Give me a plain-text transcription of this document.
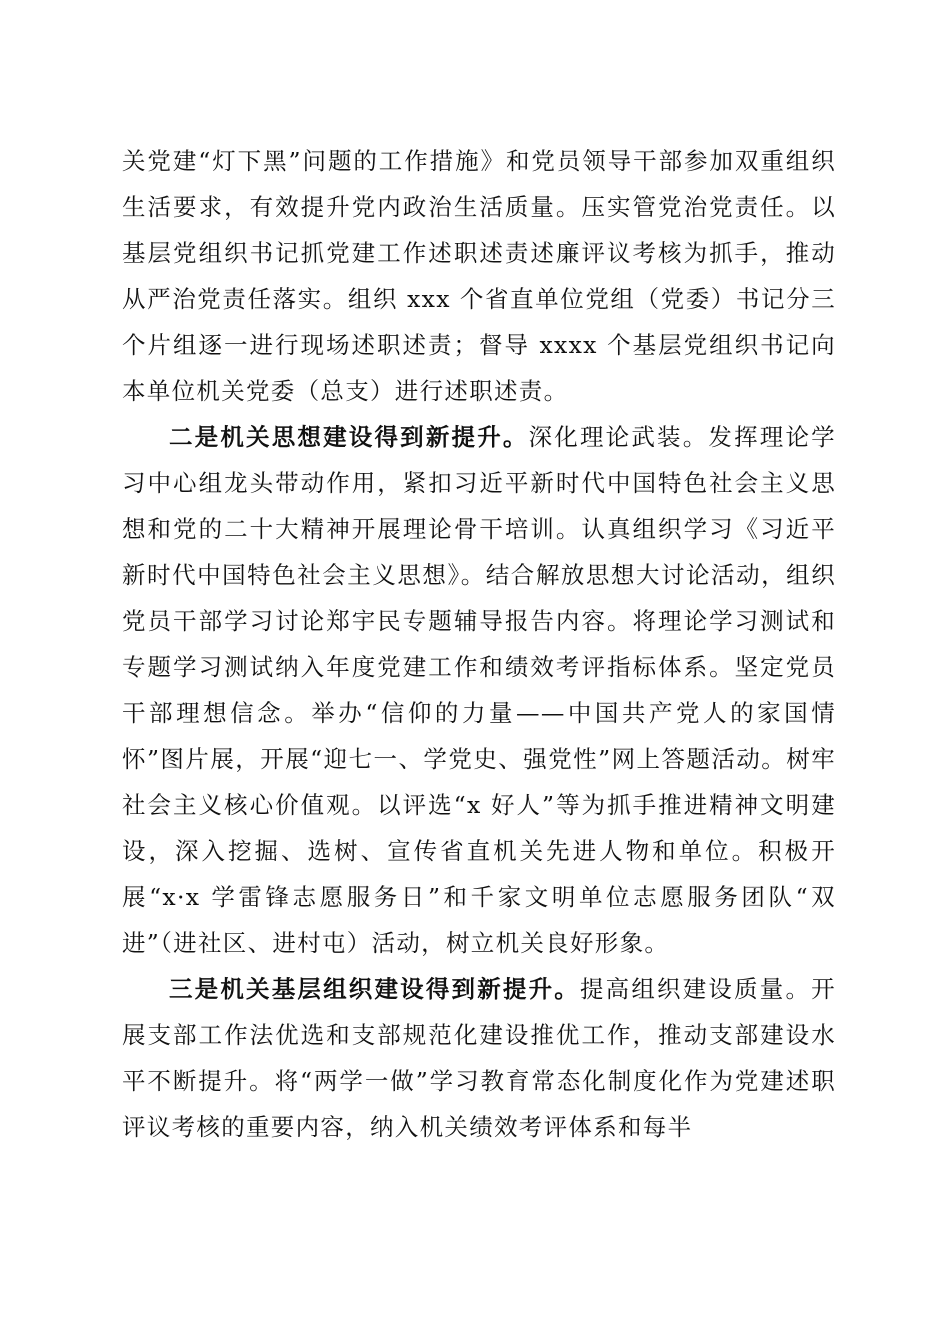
关党建“灯下黑”问题的工作措施》和党员领导干部参加双重组织生活要求，有效提升党内政治生活质量。压实管党治党责任。以基层党组织书记抓党建工作述职述责述廉评议考核为抓手，推动从严治党责任落实。组织 xxx 个省直单位党组（党委）书记分三个片组逐一进行现场述职述责；督导 xxxx 个基层党组织书记向本单位机关党委（总支）进行述职述责。

二是机关思想建设得到新提升。深化理论武装。发挥理论学习中心组龙头带动作用，紧扣习近平新时代中国特色社会主义思想和党的二十大精神开展理论骨干培训。认真组织学习《习近平新时代中国特色社会主义思想》。结合解放思想大讨论活动，组织党员干部学习讨论郑宇民专题辅导报告内容。将理论学习测试和专题学习测试纳入年度党建工作和绩效考评指标体系。坚定党员干部理想信念。举办“信仰的力量——中国共产党人的家国情怀”图片展，开展“迎七一、学党史、强党性”网上答题活动。树牢社会主义核心价值观。以评选“x 好人”等为抓手推进精神文明建设，深入挖掘、选树、宣传省直机关先进人物和单位。积极开展“x·x 学雷锋志愿服务日”和千家文明单位志愿服务团队“双进”（进社区、进村屯）活动，树立机关良好形象。

三是机关基层组织建设得到新提升。提高组织建设质量。开展支部工作法优选和支部规范化建设推优工作，推动支部建设水平不断提升。将“两学一做”学习教育常态化制度化作为党建述职评议考核的重要内容，纳入机关绩效考评体系和每半
